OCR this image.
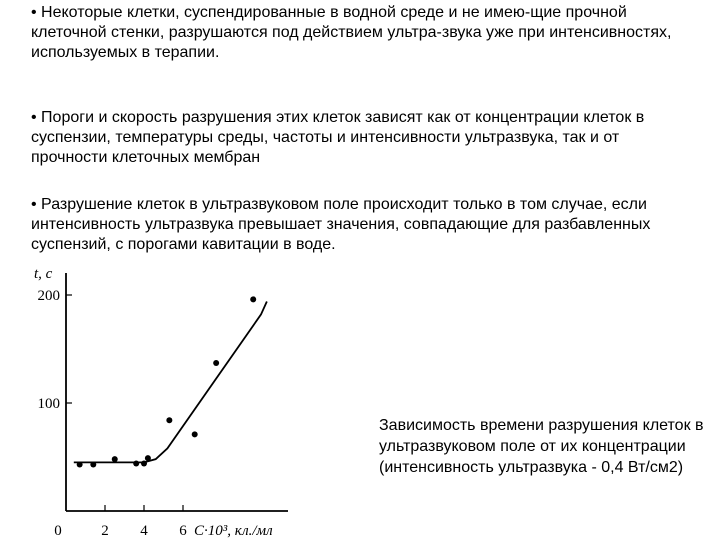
• Некоторые клетки, суспендированные в водной среде и не имею-щие прочной клеточной стенки, разрушаются под действием ультра-звука уже при интенсивностях, используемых в терапии.

• Пороги и скорость разрушения этих клеток зависят как от концентрации клеток в суспензии, температуры среды, частоты и интенсивности ультразвука, так и от прочности клеточных мембран

• Разрушение клеток в ультразвуковом поле происходит только в том случае, если интенсивность ультразвука превышает значения, совпадающие для разбавленных суспензий, с порогами кавитации в воде.

100
200
0	2 4 6
t, с
C·10³, кл./мл

Зависимость времени разрушения клеток в ультразвуковом поле от их концентрации (интенсивность ультразвука - 0,4 Вт/см2)
